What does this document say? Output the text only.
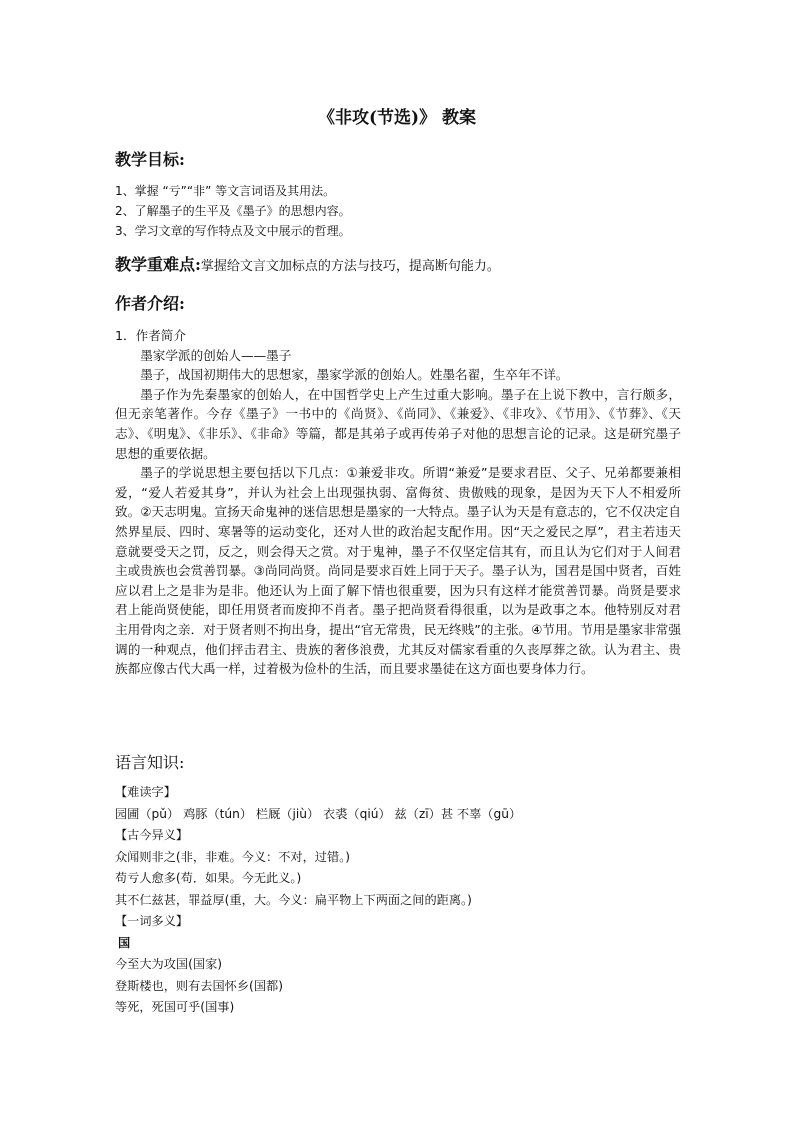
《非攻(节选)》 教案
教学目标:
1、掌握 “亏”“非” 等文言词语及其用法。
2、了解墨子的生平及《墨子》的思想内容。
3、学习文章的写作特点及文中展示的哲理。
教学重难点:掌握给文言文加标点的方法与技巧，提高断句能力。
作者介绍:

1．作者简介

墨家学派的创始人——墨子

墨子，战国初期伟大的思想家，墨家学派的创始人。姓墨名翟，生卒年不详。

墨子作为先秦墨家的创始人，在中国哲学史上产生过重大影响。墨子在上说下教中，言行颇多，但无亲笔著作。今存《墨子》一书中的《尚贤》、《尚同》、《兼爱》、《非攻》、《节用》、《节葬》、《天志》、《明鬼》、《非乐》、《非命》等篇，都是其弟子或再传弟子对他的思想言论的记录。这是研究墨子思想的重要依据。

墨子的学说思想主要包括以下几点：①兼爱非攻。所谓“兼爱”是要求君臣、父子、兄弟都要兼相爱，“爱人若爱其身”，并认为社会上出现强执弱、富侮贫、贵傲贱的现象，是因为天下人不相爱所致。②天志明鬼。宣扬天命鬼神的迷信思想是墨家的一大特点。墨子认为天是有意志的，它不仅决定自然界星辰、四时、寒暑等的运动变化，还对人世的政治起支配作用。因“天之爱民之厚”，君主若违天意就要受天之罚，反之，则会得天之赏。对于鬼神，墨子不仅坚定信其有，而且认为它们对于人间君主或贵族也会赏善罚暴。③尚同尚贤。尚同是要求百姓上同于天子。墨子认为，国君是国中贤者，百姓应以君上之是非为是非。他还认为上面了解下情也很重要，因为只有这样才能赏善罚暴。尚贤是要求君上能尚贤使能，即任用贤者而废抑不肖者。墨子把尚贤看得很重，以为是政事之本。他特别反对君主用骨肉之亲．对于贤者则不拘出身，提出“官无常贵，民无终贱”的主张。④节用。节用是墨家非常强调的一种观点，他们抨击君主、贵族的奢侈浪费，尤其反对儒家看重的久丧厚葬之欲。认为君主、贵族都应像古代大禹一样，过着极为俭朴的生活，而且要求墨徒在这方面也要身体力行。

语言知识:
【难读字】
园圃（pǔ） 鸡豚（tún） 栏厩（jiù） 衣裘（qiú） 兹（zī）甚 不辜（gū）
【古今异义】
众闻则非之(非，非难。今义：不对，过错。)
苟亏人愈多(苟．如果。今无此义。)
其不仁兹甚，罪益厚(重，大。今义：扁平物上下两面之间的距离。)
【一词多义】
国
今至大为攻国(国家)
登斯楼也，则有去国怀乡(国都)
等死，死国可乎(国事)
